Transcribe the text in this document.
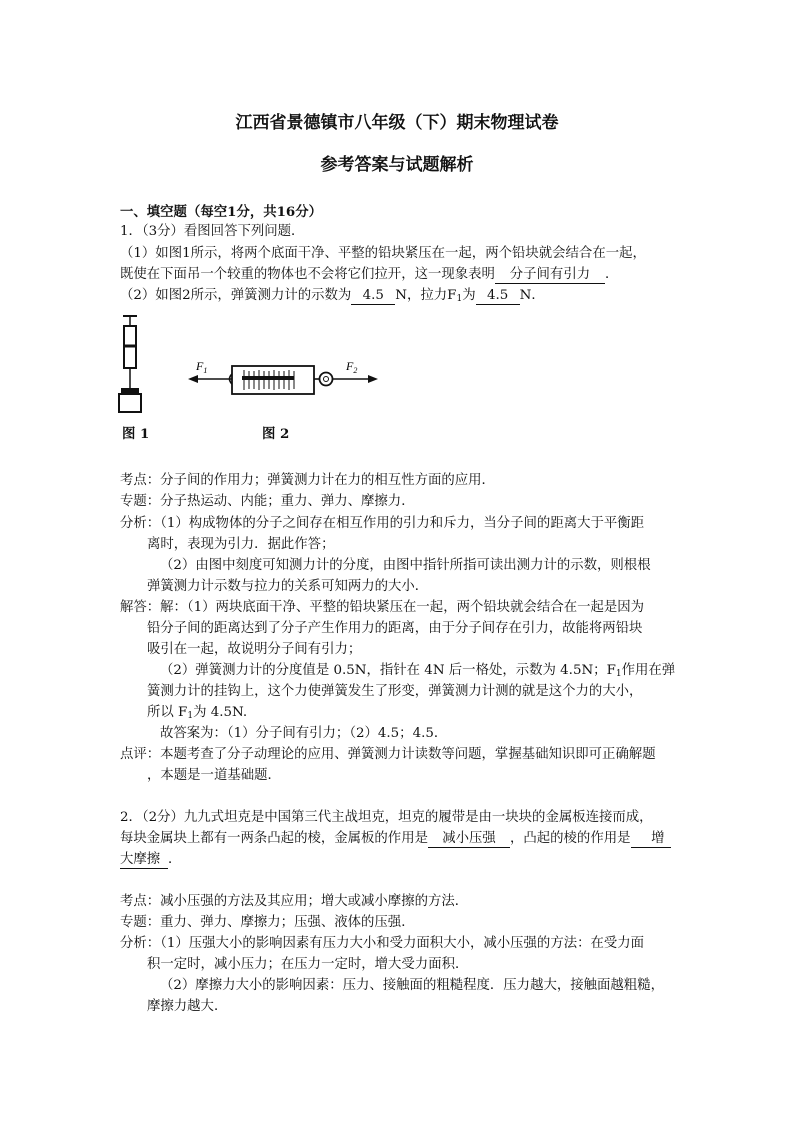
江西省景德镇市八年级（下）期末物理试卷
参考答案与试题解析
一、填空题（每空1分，共16分）
1．（3分）看图回答下列问题．
（1）如图1所示，将两个底面干净、平整的铅块紧压在一起，两个铅块就会结合在一起，
既使在下面吊一个较重的物体也不会将它们拉开，这一现象表明 分子间有引力 ．
（2）如图2所示，弹簧测力计的示数为 4.5 N，拉力$F_1$为 4.5 N．
$F_1$	$F_2$
图 1	图 2
考点：分子间的作用力；弹簧测力计在力的相互性方面的应用．
专题：分子热运动、内能；重力、弹力、摩擦力．
分析：（1）构成物体的分子之间存在相互作用的引力和斥力，当分子间的距离大于平衡距
离时，表现为引力．据此作答；
（2）由图中刻度可知测力计的分度，由图中指针所指可读出测力计的示数，则根根
弹簧测力计示数与拉力的关系可知两力的大小．
解答：解：（1）两块底面干净、平整的铅块紧压在一起，两个铅块就会结合在一起是因为
铅分子间的距离达到了分子产生作用力的距离，由于分子间存在引力，故能将两铅块
吸引在一起，故说明分子间有引力；
（2）弹簧测力计的分度值是 0.5N，指针在 4N 后一格处，示数为 4.5N；$F_1$作用在弹
簧测力计的挂钩上，这个力使弹簧发生了形变，弹簧测力计测的就是这个力的大小，
所以 $F_1$为 4.5N.
故答案为：（1）分子间有引力；（2）4.5；4.5．
点评：本题考查了分子动理论的应用、弹簧测力计读数等问题，掌握基础知识即可正确解题
，本题是一道基础题．
2．（2分）九九式坦克是中国第三代主战坦克，坦克的履带是由一块块的金属板连接而成，
每块金属块上都有一两条凸起的棱，金属板的作用是 减小压强 ，凸起的棱的作用是 增
大摩擦 ．
考点：减小压强的方法及其应用；增大或减小摩擦的方法．
专题：重力、弹力、摩擦力；压强、液体的压强．
分析：（1）压强大小的影响因素有压力大小和受力面积大小，减小压强的方法：在受力面
积一定时，减小压力；在压力一定时，增大受力面积．
（2）摩擦力大小的影响因素：压力、接触面的粗糙程度．压力越大，接触面越粗糙，
摩擦力越大．
